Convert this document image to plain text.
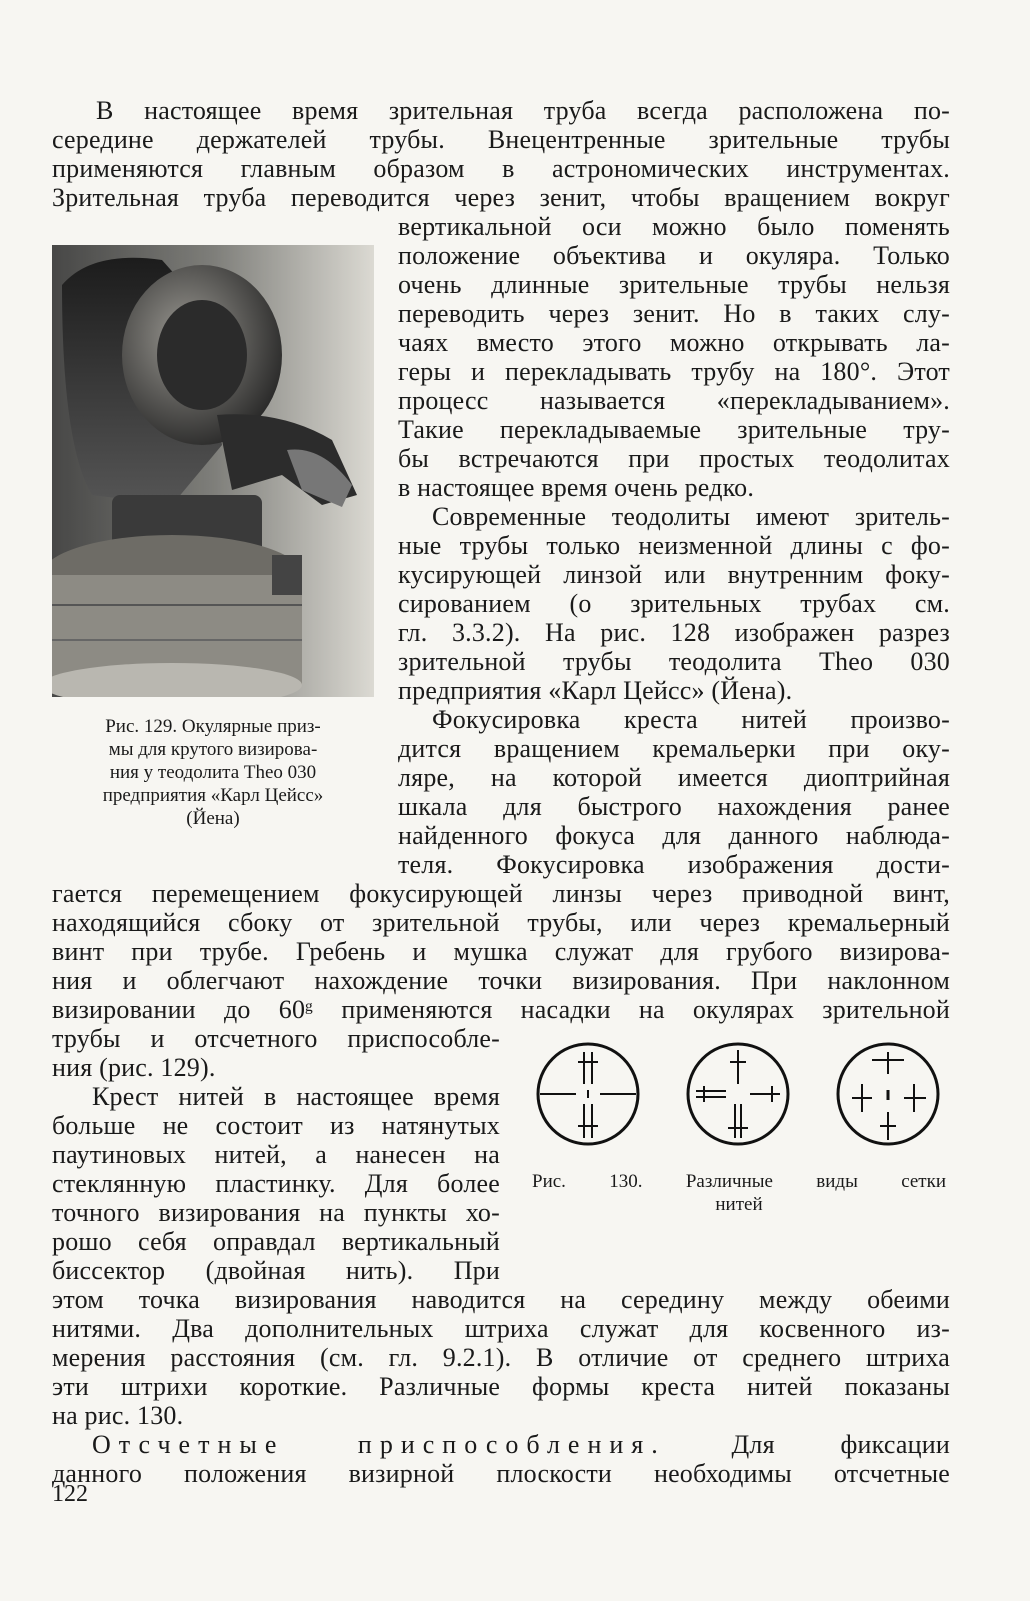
В настоящее время зрительная труба всегда расположена по-

середине держателей трубы. Внецентренные зрительные трубы

применяются главным образом в астрономических инструментах.

Зрительная труба переводится через зенит, чтобы вращением вокруг

вертикальной оси можно было поменять

положение объектива и окуляра. Только

очень длинные зрительные трубы нельзя

переводить через зенит. Но в таких слу-

чаях вместо этого можно открывать ла-

геры и перекладывать трубу на 180°. Этот

процесс называется «перекладыванием».

Такие перекладываемые зрительные тру-

бы встречаются при простых теодолитах

в настоящее время очень редко.

Современные теодолиты имеют зритель-

ные трубы только неизменной длины с фо-

кусирующей линзой или внутренним фоку-

сированием (о зрительных трубах см.

гл. 3.3.2). На рис. 128 изображен разрез

зрительной трубы теодолита Theo 030

предприятия «Карл Цейсс» (Йена).

Фокусировка креста нитей произво-

дится вращением кремальерки при оку-

ляре, на которой имеется диоптрийная

шкала для быстрого нахождения ранее

найденного фокуса для данного наблюда-

теля. Фокусировка изображения дости-

Рис. 129. Окулярные приз-

мы для крутого визирова-

ния у теодолита Theo 030

предприятия «Карл Цейсс»

(Йена)

гается перемещением фокусирующей линзы через приводной винт,

находящийся сбоку от зрительной трубы, или через кремальерный

винт при трубе. Гребень и мушка служат для грубого визирова-

ния и облегчают нахождение точки визирования. При наклонном

визировании до 60ᵍ применяются насадки на окулярах зрительной

трубы и отсчетного приспособле-

ния (рис. 129).

Крест нитей в настоящее время

больше не состоит из натянутых

паутиновых нитей, а нанесен на

стеклянную пластинку. Для более

точного визирования на пункты хо-

рошо себя оправдал вертикальный

биссектор (двойная нить). При

Рис. 130. Различные виды сетки

нитей

этом точка визирования наводится на середину между обеими

нитями. Два дополнительных штриха служат для косвенного из-

мерения расстояния (см. гл. 9.2.1). В отличие от среднего штриха

эти штрихи короткие. Различные формы креста нитей показаны

на рис. 130.

Отсчетные приспособления.	Для фиксации

данного положения визирной плоскости необходимы отсчетные

122
